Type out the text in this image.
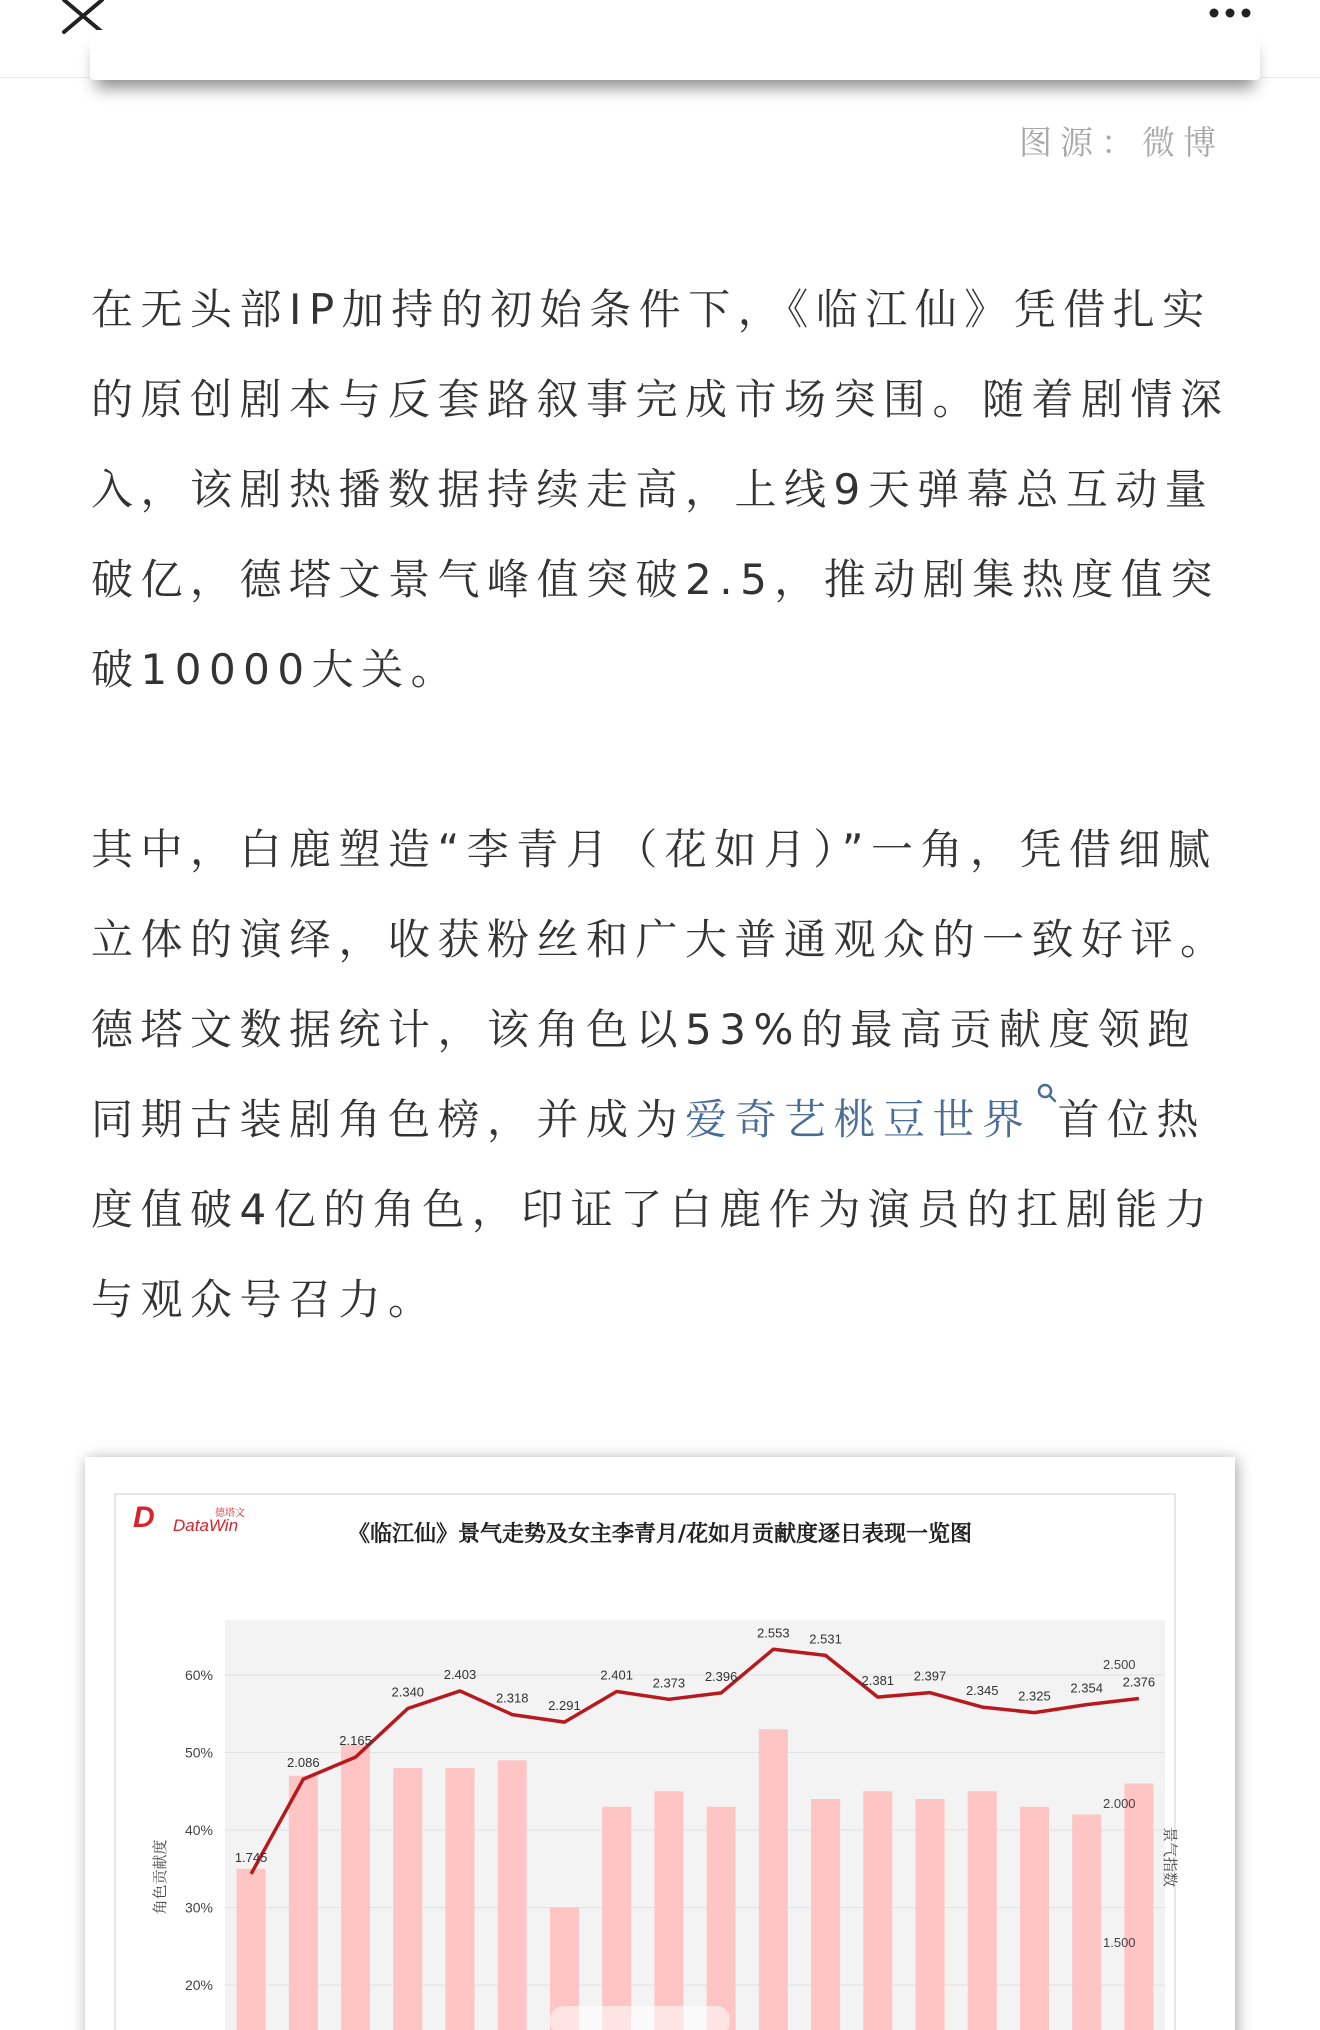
图源：微博

在无头部IP加持的初始条件下，《临江仙》凭借扎实的原创剧本与反套路叙事完成市场突围。随着剧情深入，该剧热播数据持续走高，上线9天弹幕总互动量破亿，德塔文景气峰值突破2.5，推动剧集热度值突破10000大关。

其中，白鹿塑造“李青月（花如月）”一角，凭借细腻立体的演绎，收获粉丝和广大普通观众的一致好评。德塔文数据统计，该角色以53%的最高贡献度领跑同期古装剧角色榜，并成为爱奇艺桃豆世界 首位热度值破4亿的角色，印证了白鹿作为演员的扛剧能力与观众号召力。

D	德塔文
DataWin	《临江仙》景气走势及女主李青月/花如月贡献度逐日表现一览图
1.745
2.086
2.165
2.340
2.403
2.318
2.291
2.401
2.373 2.396
2.553 2.531
2.381 2.397
2.345 2.325
2.354 2.376
60%
50%
40%
30%
20%
2.500
2.000
1.500
角色贡献度	景气指数
